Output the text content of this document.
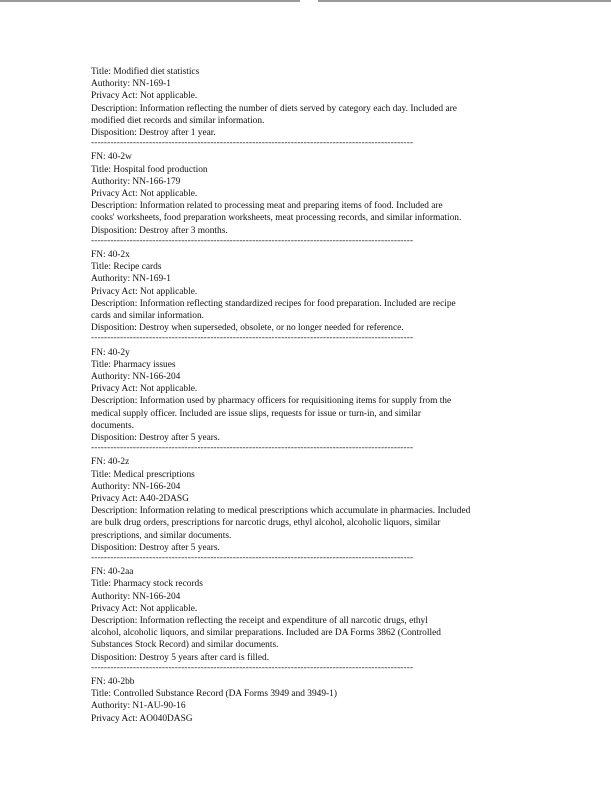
Title: Modified diet statistics
Authority: NN-169-1
Privacy Act: Not applicable.
Description: Information reflecting the number of diets served by category each day. Included are
modified diet records and similar information.
Disposition: Destroy after 1 year.
----------------------------------------------------------------------------------------------------
FN: 40-2w
Title: Hospital food production
Authority: NN-166-179
Privacy Act: Not applicable.
Description: Information related to processing meat and preparing items of food. Included are
cooks' worksheets, food preparation worksheets, meat processing records, and similar information.
Disposition: Destroy after 3 months.
----------------------------------------------------------------------------------------------------
FN: 40-2x
Title: Recipe cards
Authority: NN-169-1
Privacy Act: Not applicable.
Description: Information reflecting standardized recipes for food preparation. Included are recipe
cards and similar information.
Disposition: Destroy when superseded, obsolete, or no longer needed for reference.
----------------------------------------------------------------------------------------------------
FN: 40-2y
Title: Pharmacy issues
Authority: NN-166-204
Privacy Act: Not applicable.
Description: Information used by pharmacy officers for requisitioning items for supply from the
medical supply officer. Included are issue slips, requests for issue or turn-in, and similar
documents.
Disposition: Destroy after 5 years.
----------------------------------------------------------------------------------------------------
FN: 40-2z
Title: Medical prescriptions
Authority: NN-166-204
Privacy Act: A40-2DASG
Description: Information relating to medical prescriptions which accumulate in pharmacies. Included
are bulk drug orders, prescriptions for narcotic drugs, ethyl alcohol, alcoholic liquors, similar
prescriptions, and similar documents.
Disposition: Destroy after 5 years.
----------------------------------------------------------------------------------------------------
FN: 40-2aa
Title: Pharmacy stock records
Authority: NN-166-204
Privacy Act: Not applicable.
Description: Information reflecting the receipt and expenditure of all narcotic drugs, ethyl
alcohol, alcoholic liquors, and similar preparations. Included are DA Forms 3862 (Controlled
Substances Stock Record) and similar documents.
Disposition: Destroy 5 years after card is filled.
----------------------------------------------------------------------------------------------------
FN: 40-2bb
Title: Controlled Substance Record (DA Forms 3949 and 3949-1)
Authority: N1-AU-90-16
Privacy Act: AO040DASG
